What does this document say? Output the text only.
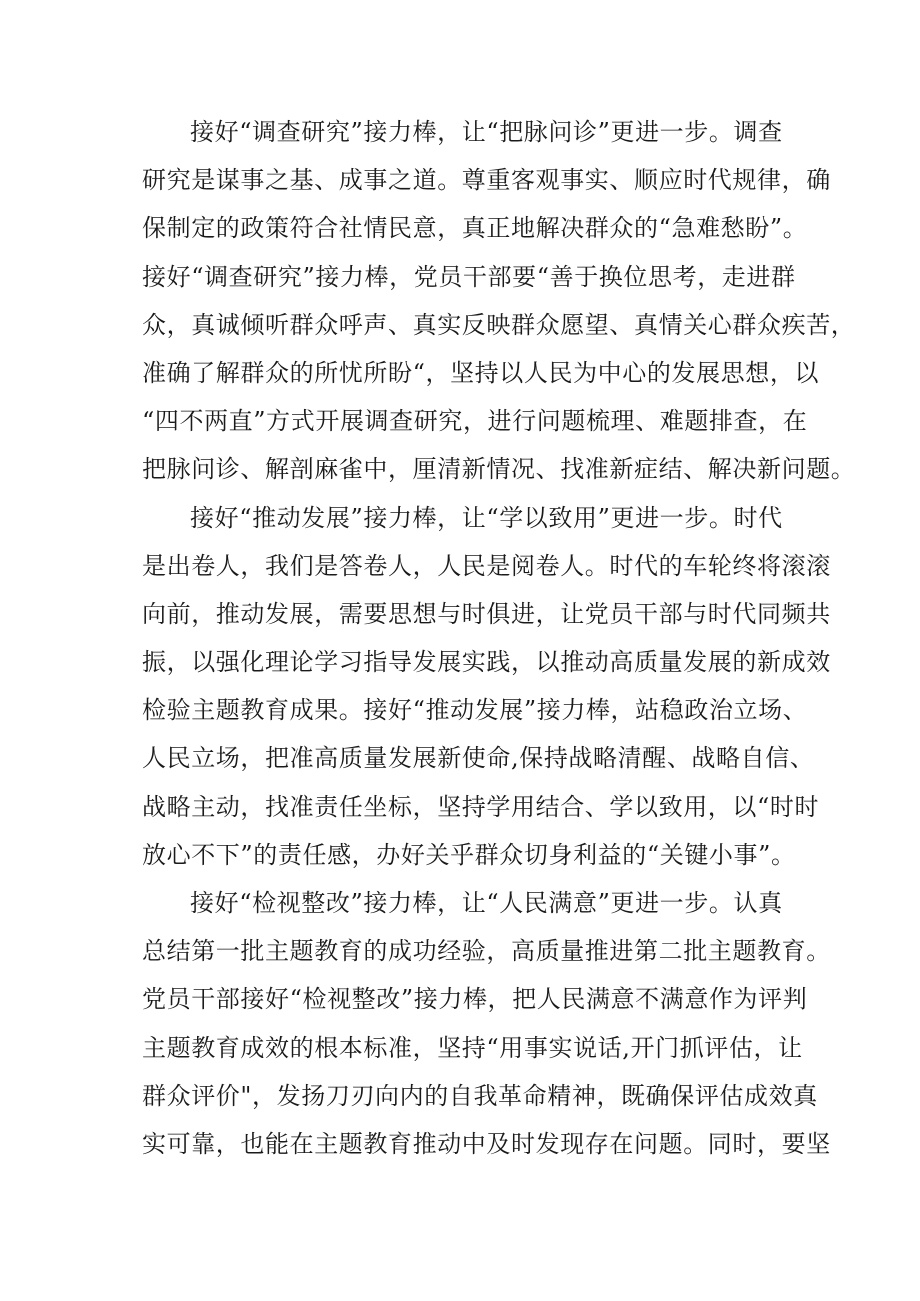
接好“调查研究”接力棒，让“把脉问诊”更进一步。调查
研究是谋事之基、成事之道。尊重客观事实、顺应时代规律，确
保制定的政策符合社情民意，真正地解决群众的“急难愁盼”。
接好“调查研究”接力棒，党员干部要“善于换位思考，走进群
众，真诚倾听群众呼声、真实反映群众愿望、真情关心群众疾苦，
准确了解群众的所忧所盼“，坚持以人民为中心的发展思想，以
“四不两直”方式开展调查研究，进行问题梳理、难题排查，在
把脉问诊、解剖麻雀中，厘清新情况、找准新症结、解决新问题。
接好“推动发展”接力棒，让“学以致用”更进一步。时代
是出卷人，我们是答卷人，人民是阅卷人。时代的车轮终将滚滚
向前，推动发展，需要思想与时俱进，让党员干部与时代同频共
振，以强化理论学习指导发展实践，以推动高质量发展的新成效
检验主题教育成果。接好“推动发展”接力棒，站稳政治立场、
人民立场，把准高质量发展新使命,保持战略清醒、战略自信、
战略主动，找准责任坐标，坚持学用结合、学以致用，以“时时
放心不下”的责任感，办好关乎群众切身利益的“关键小事”。
接好“检视整改”接力棒，让“人民满意”更进一步。认真
总结第一批主题教育的成功经验，高质量推进第二批主题教育。
党员干部接好“检视整改”接力棒，把人民满意不满意作为评判
主题教育成效的根本标准，坚持“用事实说话,开门抓评估，让
群众评价"，发扬刀刃向内的自我革命精神，既确保评估成效真
实可靠，也能在主题教育推动中及时发现存在问题。同时，要坚
